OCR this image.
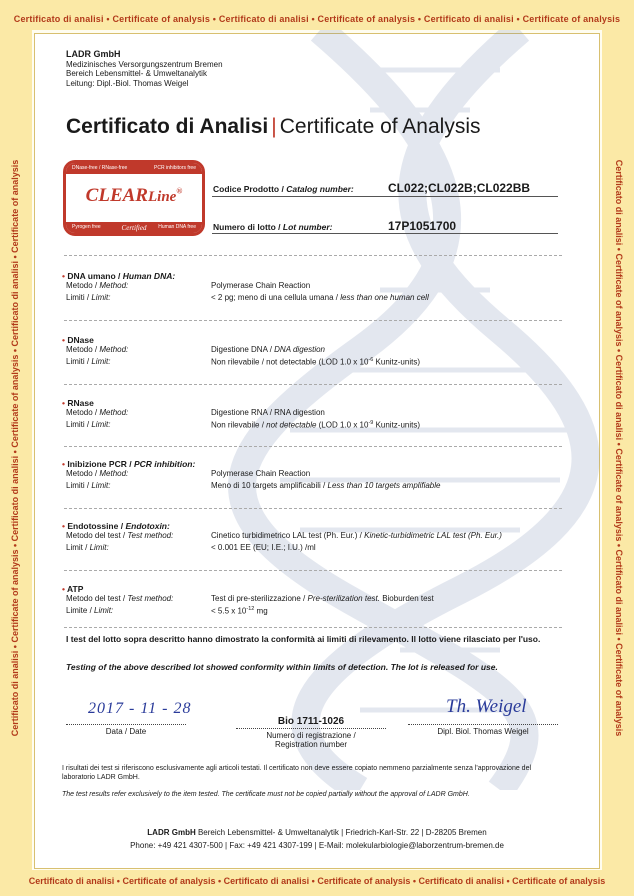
Certificato di analisi • Certificate of analysis • Certificato di analisi • Certificate of analysis • Certificato di analisi • Certificate of analysis
Certificato di analisi • Certificate of analysis • Certificato di analisi • Certificate of analysis • Certificato di analisi • Certificate of analysis
Certificato di analisi • Certificate of analysis • Certificato di analisi • Certificate of analysis • Certificato di analisi • Certificate of analysis	Certificato di analisi • Certificate of analysis • Certificato di analisi • Certificate of analysis • Certificato di analisi • Certificate of analysis
LADR GmbH
Medizinisches Versorgungszentrum Bremen
Bereich Lebensmittel- & Umweltanalytik
Leitung: Dipl.-Biol. Thomas Weigel
Certificato di Analisi | Certificate of Analysis
DNase-free / RNase-free	PCR inhibitors free
CLEARLine®
Pyrogen free	Human DNA free
Certified
Codice Prodotto / Catalog number:	CL022;CL022B;CL022BB
Numero di lotto / Lot number:	17P1051700
• DNA umano / Human DNA:
Metodo / Method:	Polymerase Chain Reaction
Limiti / Limit:	< 2 pg; meno di una cellula umana / less than one human cell
• DNase
Metodo / Method:	Digestione DNA / DNA digestion
Limiti / Limit:	Non rilevabile / not detectable (LOD 1.0 x $10^{-6}$ Kunitz-units)
• RNase
Metodo / Method:	Digestione RNA / RNA digestion
Limiti / Limit:	Non rilevabile / not detectable (LOD 1.0 x $10^{-9}$ Kunitz-units)
• Inibizione PCR / PCR inhibition:
Metodo / Method:	Polymerase Chain Reaction
Limiti / Limit:	Meno di 10 targets amplificabili / Less than 10 targets amplifiable
• Endotossine / Endotoxin:
Metodo del test / Test method:	Cinetico turbidimetrico LAL test (Ph. Eur.) / Kinetic-turbidimetric LAL test (Ph. Eur.)
Limit / Limit:	< 0.001 EE (EU; I.E.; I.U.) /ml
• ATP
Metodo del test / Test method:	Test di pre-sterilizzazione / Pre-sterilization test. Bioburden test
Limite / Limit:	< 5.5 x $10^{-12}$ mg
I test del lotto sopra descritto hanno dimostrato la conformità ai limiti di rilevamento. Il lotto viene rilasciato per l'uso.
Testing of the above described lot showed conformity within limits of detection. The lot is released for use.
2017 - 11 - 28
Data / Date
Bio 1711-1026
Numero di registrazione /
Registration number
Th. Weigel
Dipl. Biol. Thomas Weigel
I risultati dei test si riferiscono esclusivamente agli articoli testati. Il certificato non deve essere copiato nemmeno parzialmente senza l'approvazione del laboratorio LADR GmbH.
The test results refer exclusively to the item tested. The certificate must not be copied partially without the approval of LADR GmbH.
LADR GmbH Bereich Lebensmittel- & Umweltanalytik | Friedrich-Karl-Str. 22 | D-28205 Bremen
Phone: +49 421 4307-500 | Fax: +49 421 4307-199 | E-Mail: molekularbiologie@laborzentrum-bremen.de
